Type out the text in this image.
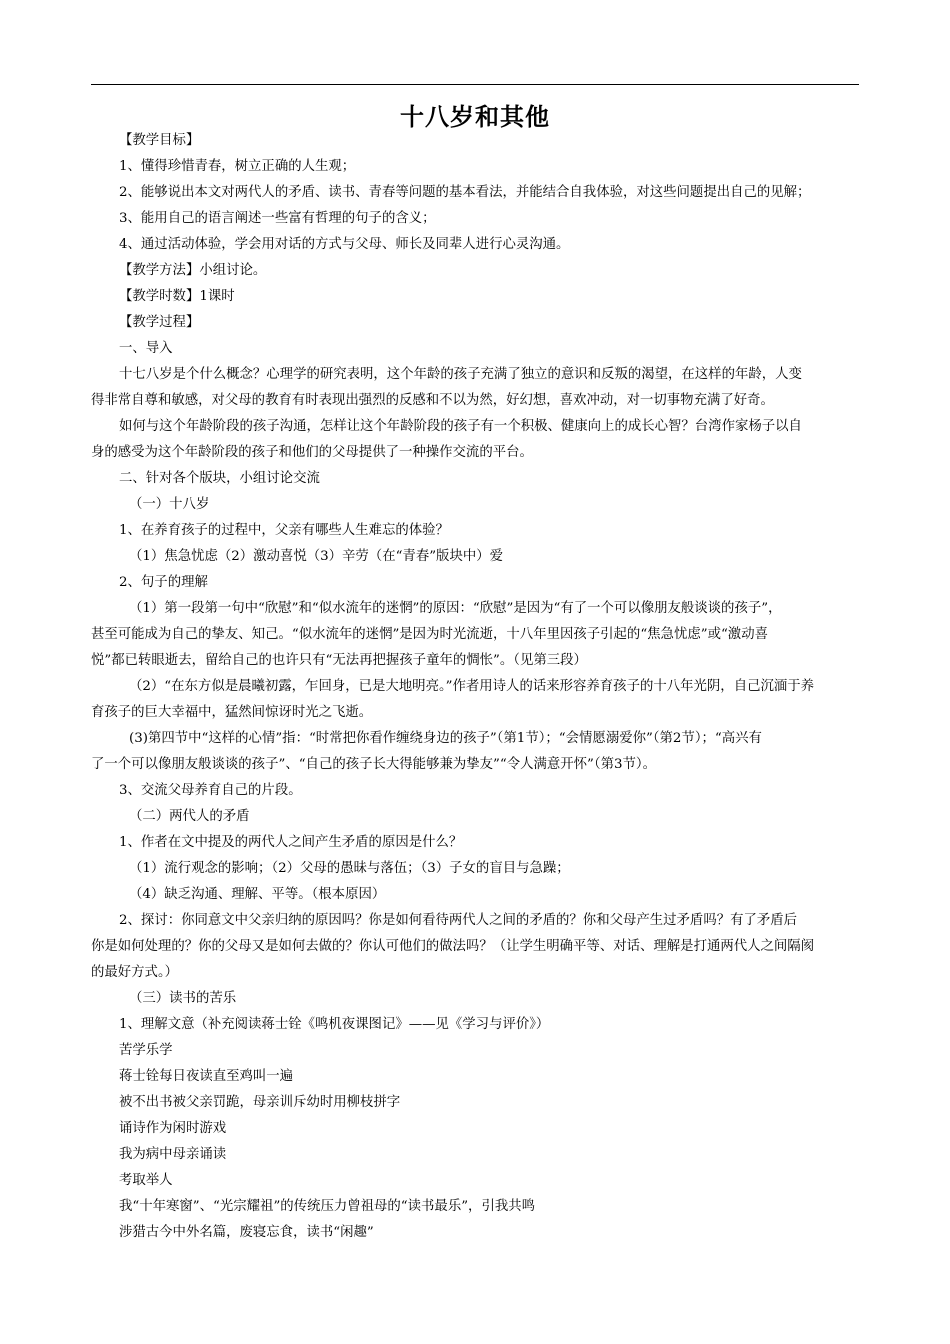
十八岁和其他

【教学目标】

1、懂得珍惜青春，树立正确的人生观；

2、能够说出本文对两代人的矛盾、读书、青春等问题的基本看法，并能结合自我体验，对这些问题提出自己的见解；

3、能用自己的语言阐述一些富有哲理的句子的含义；

4、通过活动体验，学会用对话的方式与父母、师长及同辈人进行心灵沟通。

【教学方法】小组讨论。

【教学时数】1课时

【教学过程】

一、导入

十七八岁是个什么概念？心理学的研究表明，这个年龄的孩子充满了独立的意识和反叛的渴望，在这样的年龄，人变
得非常自尊和敏感，对父母的教育有时表现出强烈的反感和不以为然，好幻想，喜欢冲动，对一切事物充满了好奇。
如何与这个年龄阶段的孩子沟通，怎样让这个年龄阶段的孩子有一个积极、健康向上的成长心智？台湾作家杨子以自
身的感受为这个年龄阶段的孩子和他们的父母提供了一种操作交流的平台。

二、针对各个版块，小组讨论交流

（一）十八岁

1、在养育孩子的过程中，父亲有哪些人生难忘的体验？

（1）焦急忧虑（2）激动喜悦（3）辛劳（在“青春”版块中）爱

2、句子的理解

（1）第一段第一句中“欣慰”和“似水流年的迷惘”的原因：“欣慰”是因为“有了一个可以像朋友般谈谈的孩子”，
甚至可能成为自己的挚友、知己。“似水流年的迷惘”是因为时光流逝，十八年里因孩子引起的“焦急忧虑”或“激动喜
悦”都已转眼逝去，留给自己的也许只有“无法再把握孩子童年的惆怅”。（见第三段）
（2）“在东方似是晨曦初露，乍回身，已是大地明亮。”作者用诗人的话来形容养育孩子的十八年光阴，自己沉湎于养
育孩子的巨大幸福中，猛然间惊讶时光之飞逝。
(3)第四节中“这样的心情”指：“时常把你看作缠绕身边的孩子”（第1节）；“会情愿溺爱你”（第2节）；“高兴有
了一个可以像朋友般谈谈的孩子”、“自己的孩子长大得能够兼为挚友”“令人满意开怀”（第3节）。

3、交流父母养育自己的片段。

（二）两代人的矛盾

1、作者在文中提及的两代人之间产生矛盾的原因是什么？

（1）流行观念的影响；（2）父母的愚昧与落伍；（3）子女的盲目与急躁；

（4）缺乏沟通、理解、平等。（根本原因）

2、探讨：你同意文中父亲归纳的原因吗？你是如何看待两代人之间的矛盾的？你和父母产生过矛盾吗？有了矛盾后
你是如何处理的？你的父母又是如何去做的？你认可他们的做法吗？（让学生明确平等、对话、理解是打通两代人之间隔阂
的最好方式。）

（三）读书的苦乐

1、理解文意（补充阅读蒋士铨《鸣机夜课图记》——见《学习与评价》）

苦学乐学

蒋士铨每日夜读直至鸡叫一遍

被不出书被父亲罚跪，母亲训斥幼时用柳枝拼字

诵诗作为闲时游戏

我为病中母亲诵读

考取举人

我“十年寒窗”、“光宗耀祖”的传统压力曾祖母的“读书最乐”，引我共鸣

涉猎古今中外名篇，废寝忘食，读书“闲趣”
